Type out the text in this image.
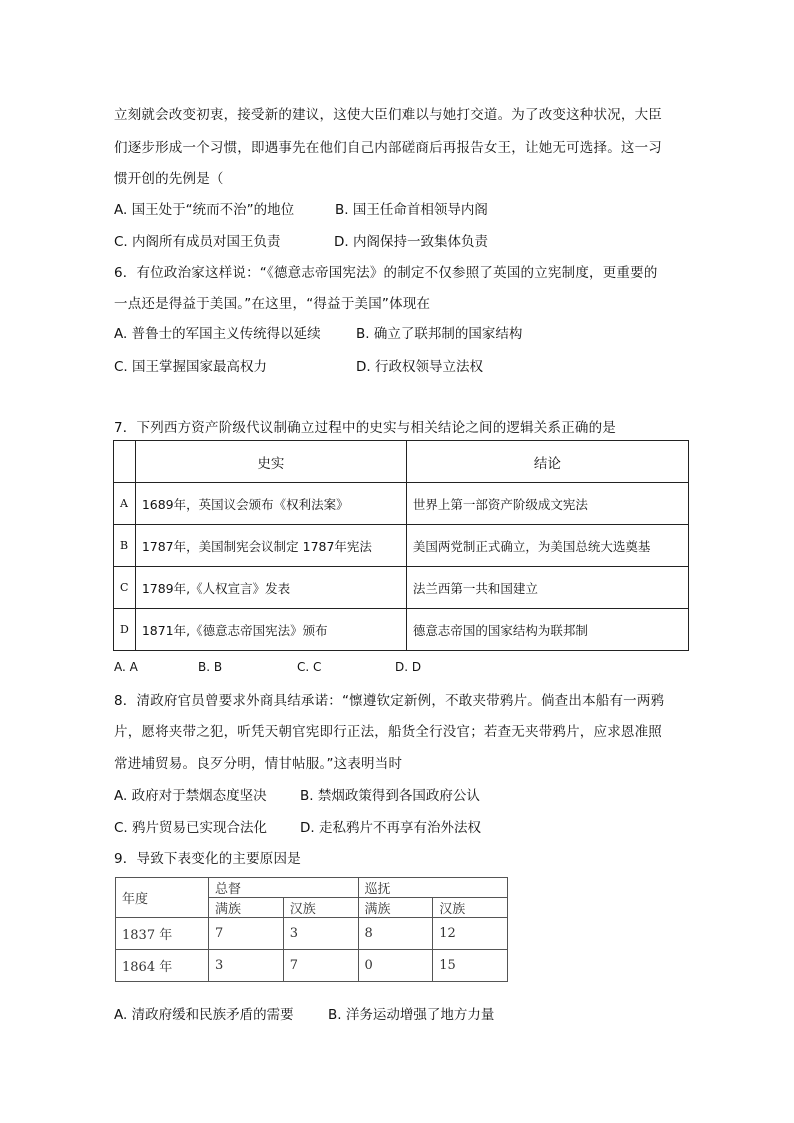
立刻就会改变初衷，接受新的建议，这使大臣们难以与她打交道。为了改变这种状况，大臣
们逐步形成一个习惯，即遇事先在他们自己内部磋商后再报告女王，让她无可选择。这一习
惯开创的先例是（
A. 国王处于“统而不治”的地位	B. 国王任命首相领导内阁
C. 内阁所有成员对国王负责	D. 内阁保持一致集体负责
6．有位政治家这样说：“《德意志帝国宪法》的制定不仅参照了英国的立宪制度，更重要的
一点还是得益于美国。”在这里，“得益于美国”体现在
A. 普鲁士的军国主义传统得以延续	B. 确立了联邦制的国家结构
C. 国王掌握国家最高权力	D. 行政权领导立法权
7．下列西方资产阶级代议制确立过程中的史实与相关结论之间的逻辑关系正确的是
	史实	结论
A	1689年，英国议会颁布《权利法案》	世界上第一部资产阶级成文宪法
B	1787年，美国制宪会议制定 1787年宪法	美国两党制正式确立，为美国总统大选奠基
C	1789年,《人权宣言》发表	法兰西第一共和国建立
D	1871年,《德意志帝国宪法》颁布	德意志帝国的国家结构为联邦制
A. A	B. B	C. C	D. D
8．清政府官员曾要求外商具结承诺：“懔遵钦定新例，不敢夹带鸦片。倘查出本船有一两鸦
片，愿将夹带之犯，听凭天朝官宪即行正法，船货全行没官；若查无夹带鸦片，应求恩准照
常进埔贸易。良歹分明，情甘帖服。”这表明当时
A. 政府对于禁烟态度坚决 B. 禁烟政策得到各国政府公认
C. 鸦片贸易已实现合法化 D. 走私鸦片不再享有治外法权
9．导致下表变化的主要原因是
年度	总督		巡抚	
	满族	汉族	满族	汉族
1837 年	7	3	8	12
1864 年	3	7	0	15
A. 清政府缓和民族矛盾的需要	B. 洋务运动增强了地方力量
